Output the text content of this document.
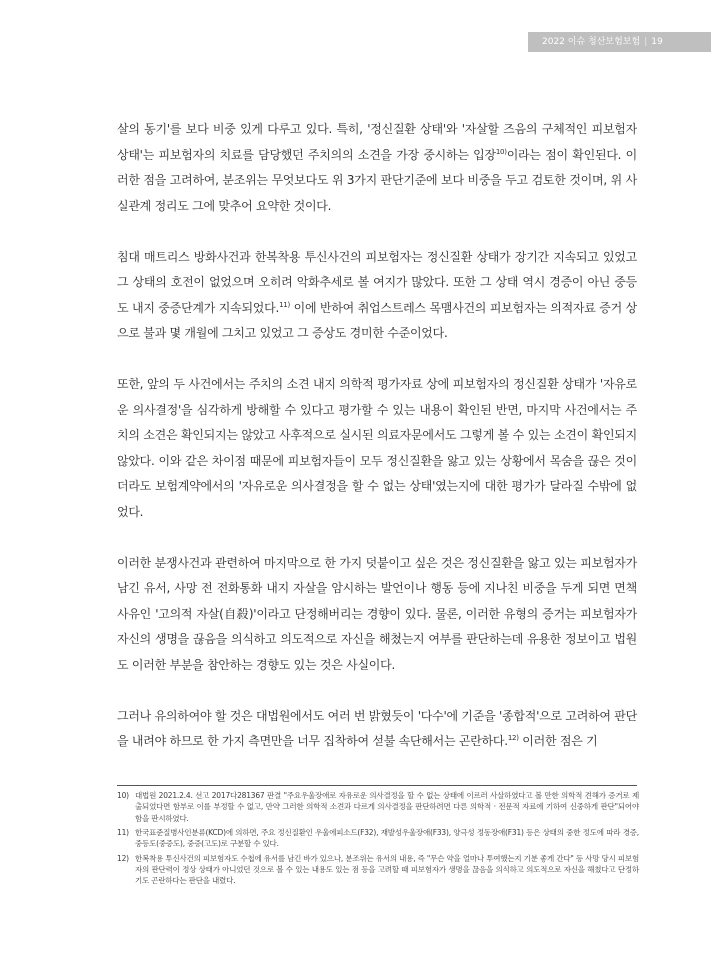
2022 이슈 청산보험보험 | 19

살의 동기'를 보다 비중 있게 다루고 있다. 특히, '정신질환 상태'와 '자살할 즈음의 구체적인 피보험자 상태'는 피보험자의 치료를 담당했던 주치의의 소견을 가장 중시하는 입장$^{10)}$이라는 점이 확인된다. 이러한 점을 고려하여, 분조위는 무엇보다도 위 3가지 판단기준에 보다 비중을 두고 검토한 것이며, 위 사실관계 정리도 그에 맞추어 요약한 것이다.

침대 매트리스 방화사건과 한복착용 투신사건의 피보험자는 정신질환 상태가 장기간 지속되고 있었고 그 상태의 호전이 없었으며 오히려 악화추세로 볼 여지가 많았다. 또한 그 상태 역시 경증이 아닌 중등도 내지 중증단계가 지속되었다.$^{11)}$ 이에 반하여 취업스트레스 목맴사건의 피보험자는 의적자료 증거 상으로 불과 몇 개월에 그치고 있었고 그 증상도 경미한 수준이었다.

또한, 앞의 두 사건에서는 주치의 소견 내지 의학적 평가자료 상에 피보험자의 정신질환 상태가 '자유로운 의사결정'을 심각하게 방해할 수 있다고 평가할 수 있는 내용이 확인된 반면, 마지막 사건에서는 주치의 소견은 확인되지는 않았고 사후적으로 실시된 의료자문에서도 그렇게 볼 수 있는 소견이 확인되지 않았다. 이와 같은 차이점 때문에 피보험자들이 모두 정신질환을 앓고 있는 상황에서 목숨을 끊은 것이더라도 보험계약에서의 '자유로운 의사결정을 할 수 없는 상태'였는지에 대한 평가가 달라질 수밖에 없었다.

이러한 분쟁사건과 관련하여 마지막으로 한 가지 덧붙이고 싶은 것은 정신질환을 앓고 있는 피보험자가 남긴 유서, 사망 전 전화통화 내지 자살을 암시하는 발언이나 행동 등에 지나친 비중을 두게 되면 면책사유인 '고의적 자살(自殺)'이라고 단정해버리는 경향이 있다. 물론, 이러한 유형의 증거는 피보험자가 자신의 생명을 끊음을 의식하고 의도적으로 자신을 해쳤는지 여부를 판단하는데 유용한 정보이고 법원도 이러한 부분을 참안하는 경향도 있는 것은 사실이다.

그러나 유의하여야 할 것은 대법원에서도 여러 번 밝혔듯이 '다수'에 기준을 '종합적'으로 고려하여 판단을 내려야 하므로 한 가지 측면만을 너무 집착하여 섣불 속단해서는 곤란하다.$^{12)}$ 이러한 점은 기

10) 대법원 2021.2.4. 선고 2017다281367 판결 "주요우울장애로 자유로운 의사결정을 할 수 없는 상태에 이르러 사살하였다고 볼 만한 의학적 견해가 증거로 제출되었다면 함부로 이를 부정할 수 없고, 만약 그러한 의학적 소견과 다르게 의사결정을 판단하려면 다른 의학적 · 전문적 자료에 기하여 신중하게 판단"되어야 함을 판시하였다.
11) 한국표준질병사인분류(KCD)에 의하면, 주요 정신질환인 우울에피소드(F32), 재발성우울장애(F33), 양극성 정동장애(F31) 등은 상태의 중한 정도에 따라 경증, 중등도(중증도), 중증(고도)로 구분할 수 있다.
12) 한복착용 투신사건의 피보험자도 수첩에 유서를 남긴 바가 있으나, 분조위는 유서의 내용, 즉 "무슨 약을 얼마나 투여했는지 기분 좋게 간다" 등 사망 당시 피보험자의 판단력이 정상 상태가 아니었던 것으로 볼 수 있는 내용도 있는 점 등을 고려할 때 피보험자가 생명을 끊음을 의식하고 의도적으로 자신을 해쳤다고 단정하기도 곤란하다는 판단을 내렸다.
